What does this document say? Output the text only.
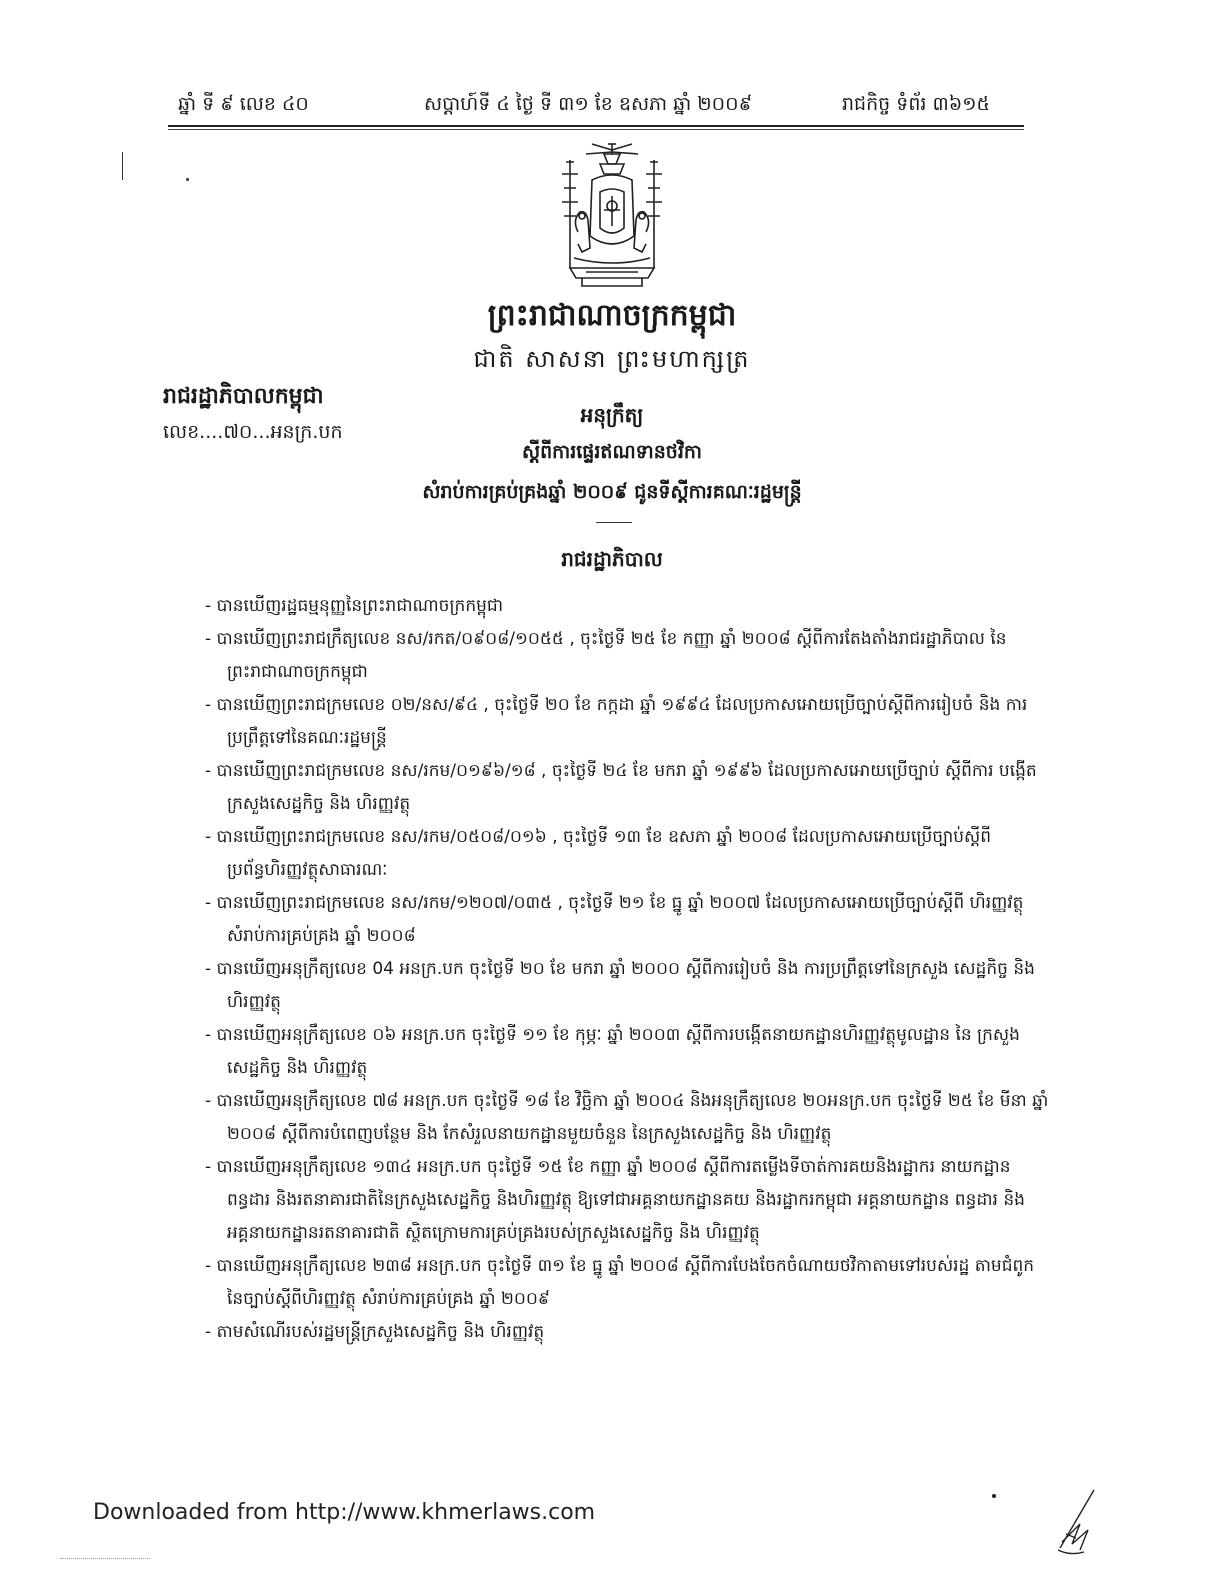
ឆ្នាំ ទី ៩ លេខ ៤០	សប្តាហ៍ទី ៤ ថ្ងៃ ទី ៣១ ខែ ឧសភា ឆ្នាំ ២០០៩	រាជកិច្ច ទំព័រ ៣៦១៥
ព្រះរាជាណាចក្រកម្ពុជា
ជាតិ សាសនា ព្រះមហាក្សត្រ
រាជរដ្ឋាភិបាលកម្ពុជា
លេខ....៧០...អនក្រ.បក
អនុក្រឹត្យ
ស្តីពីការផ្ទេរឥណទានថវិកា
សំរាប់ការគ្រប់គ្រងឆ្នាំ ២០០៩ ជូនទីស្តីការគណៈរដ្ឋមន្ត្រី
រាជរដ្ឋាភិបាល

- បានឃើញរដ្ឋធម្មនុញ្ញនៃព្រះរាជាណាចក្រកម្ពុជា

- បានឃើញព្រះរាជក្រឹត្យលេខ នស/រកត/០៩០៨/១០៥៥ , ចុះថ្ងៃទី ២៥ ខែ កញ្ញា ឆ្នាំ ២០០៨ ស្តីពីការតែងតាំងរាជរដ្ឋាភិបាល នៃព្រះរាជាណាចក្រកម្ពុជា

- បានឃើញព្រះរាជក្រមលេខ ០២/នស/៩៤ , ចុះថ្ងៃទី ២០ ខែ កក្កដា ឆ្នាំ ១៩៩៤ ដែលប្រកាសអោយប្រើច្បាប់ស្តីពីការរៀបចំ និង ការប្រព្រឹត្តទៅនៃគណៈរដ្ឋមន្ត្រី

- បានឃើញព្រះរាជក្រមលេខ នស/រកម/០១៩៦/១៨ , ចុះថ្ងៃទី ២៤ ខែ មករា ឆ្នាំ ១៩៩៦ ដែលប្រកាសអោយប្រើច្បាប់ ស្តីពីការ បង្កើតក្រសួងសេដ្ឋកិច្ច និង ហិរញ្ញវត្ថុ

- បានឃើញព្រះរាជក្រមលេខ នស/រកម/០៥០៨/០១៦ , ចុះថ្ងៃទី ១៣ ខែ ឧសភា ឆ្នាំ ២០០៨ ដែលប្រកាសអោយប្រើច្បាប់ស្តីពី ប្រព័ន្ធហិរញ្ញវត្ថុសាធារណៈ

- បានឃើញព្រះរាជក្រមលេខ នស/រកម/១២០៧/០៣៥ , ចុះថ្ងៃទី ២១ ខែ ធ្នូ ឆ្នាំ ២០០៧ ដែលប្រកាសអោយប្រើច្បាប់ស្តីពី ហិរញ្ញវត្ថុ សំរាប់ការគ្រប់គ្រង ឆ្នាំ ២០០៨

- បានឃើញអនុក្រឹត្យលេខ 04 អនក្រ.បក ចុះថ្ងៃទី ២០ ខែ មករា ឆ្នាំ ២០០០ ស្តីពីការរៀបចំ និង ការប្រព្រឹត្តទៅនៃក្រសួង សេដ្ឋកិច្ច និង ហិរញ្ញវត្ថុ

- បានឃើញអនុក្រឹត្យលេខ ០៦ អនក្រ.បក ចុះថ្ងៃទី ១១ ខែ កុម្ភៈ ឆ្នាំ ២០០៣ ស្តីពីការបង្កើតនាយកដ្ឋានហិរញ្ញវត្ថុមូលដ្ឋាន នៃ ក្រសួងសេដ្ឋកិច្ច និង ហិរញ្ញវត្ថុ

- បានឃើញអនុក្រឹត្យលេខ ៧៨ អនក្រ.បក ចុះថ្ងៃទី ១៨ ខែ វិច្ឆិកា ឆ្នាំ ២០០៤ និងអនុក្រឹត្យលេខ ២០អនក្រ.បក ចុះថ្ងៃទី ២៥ ខែ មីនា ឆ្នាំ ២០០៨ ស្តីពីការបំពេញបន្ថែម និង កែសំរួលនាយកដ្ឋានមួយចំនួន នៃក្រសួងសេដ្ឋកិច្ច និង ហិរញ្ញវត្ថុ

- បានឃើញអនុក្រឹត្យលេខ ១៣៤ អនក្រ.បក ចុះថ្ងៃទី ១៥ ខែ កញ្ញា ឆ្នាំ ២០០៨ ស្តីពីការតម្លើងទីចាត់ការគយនិងរដ្ឋាករ នាយកដ្ឋានពន្ធដារ និងរតនាគារជាតិនៃក្រសួងសេដ្ឋកិច្ច និងហិរញ្ញវត្ថុ ឱ្យទៅជាអគ្គនាយកដ្ឋានគយ និងរដ្ឋាករកម្ពុជា អគ្គនាយកដ្ឋាន ពន្ធដារ និង អគ្គនាយកដ្ឋានរតនាគារជាតិ ស្ថិតក្រោមការគ្រប់គ្រងរបស់ក្រសួងសេដ្ឋកិច្ច និង ហិរញ្ញវត្ថុ

- បានឃើញអនុក្រឹត្យលេខ ២៣៨ អនក្រ.បក ចុះថ្ងៃទី ៣១ ខែ ធ្នូ ឆ្នាំ ២០០៨ ស្តីពីការបែងចែកចំណាយថវិកាតាមទៅរបស់រដ្ឋ តាមជំពូក នៃច្បាប់ស្តីពីហិរញ្ញវត្ថុ សំរាប់ការគ្រប់គ្រង ឆ្នាំ ២០០៩

- តាមសំណើរបស់រដ្ឋមន្ត្រីក្រសួងសេដ្ឋកិច្ច និង ហិរញ្ញវត្ថុ

Downloaded from http://www.khmerlaws.com
